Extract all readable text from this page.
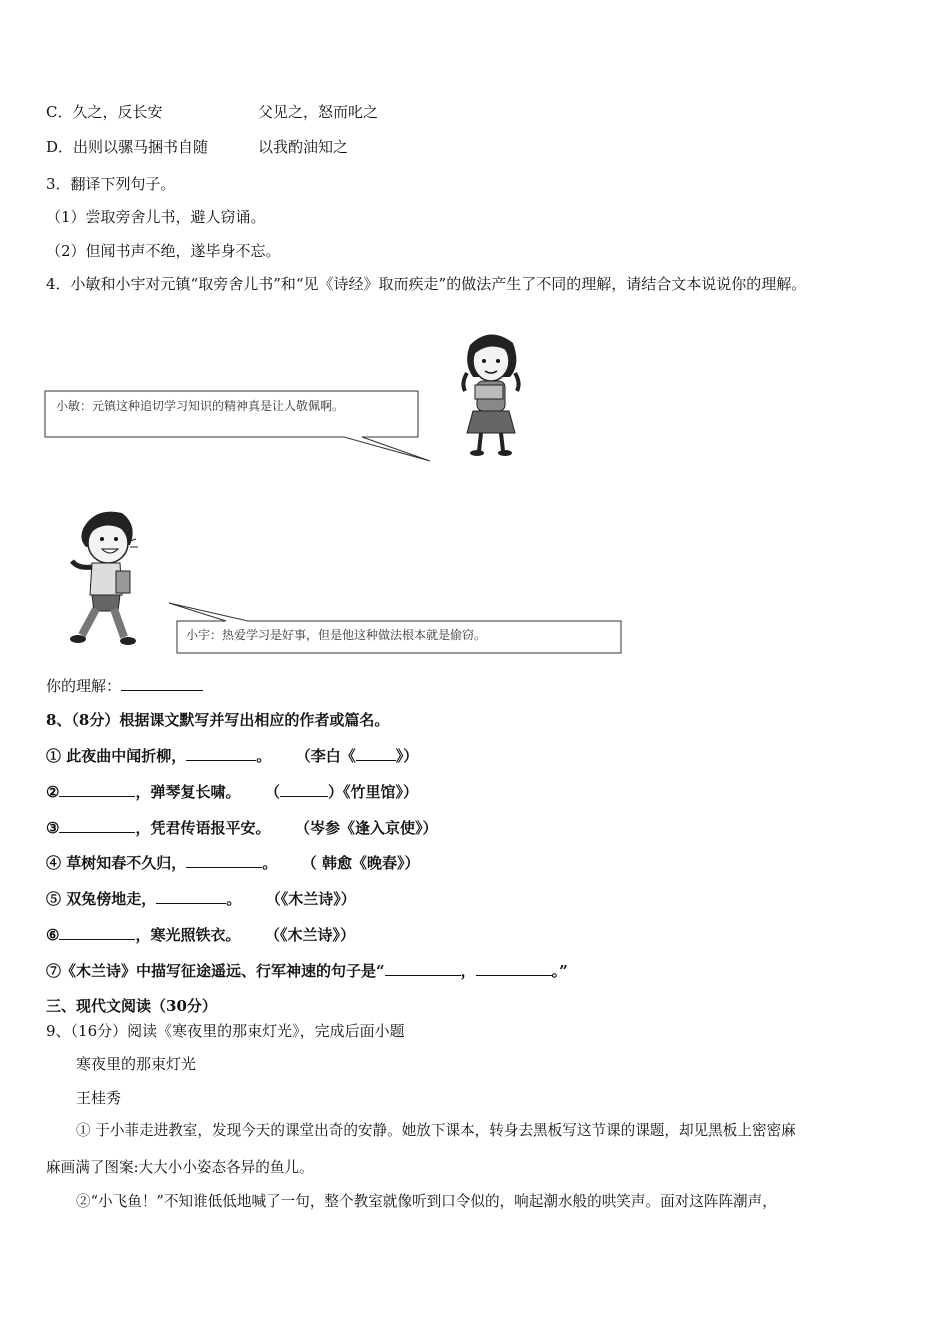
C．久之，反长安	父见之，怒而叱之
D．出则以骡马捆书自随	以我酌油知之
3．翻译下列句子。
（1）尝取旁舍儿书，避人窃诵。
（2）但闻书声不绝，遂毕身不忘。
4．小敏和小宇对元镇“取旁舍儿书”和“见《诗经》取而疾走”的做法产生了不同的理解，请结合文本说说你的理解。
小敏：元镇这种追切学习知识的精神真是让人敬佩啊。
小宇：热爱学习是好事，但是他这种做法根本就是偷窃。
你的理解：
8、（8分）根据课文默写并写出相应的作者或篇名。
① 此夜曲中闻折柳，	。 （李白《	》）
②	，弹琴复长啸。 （	）《竹里馆》）
③	，凭君传语报平安。 （岑参《逢入京使》）
④ 草树知春不久归，	。 （ 韩愈《晚春》）
⑤ 双兔傍地走，	。 （《木兰诗》）
⑥	，寒光照铁衣。 （《木兰诗》）
⑦《木兰诗》中描写征途遥远、行军神速的句子是“	，	。”
三、现代文阅读（30分）
9、（16分）阅读《寒夜里的那束灯光》，完成后面小题
寒夜里的那束灯光
王桂秀
① 于小菲走进教室，发现今天的课堂出奇的安静。她放下课本，转身去黑板写这节课的课题，却见黑板上密密麻
麻画满了图案:大大小小姿态各异的鱼儿。
②“小飞鱼！”不知谁低低地喊了一句，整个教室就像听到口令似的，响起潮水般的哄笑声。面对这阵阵潮声，
